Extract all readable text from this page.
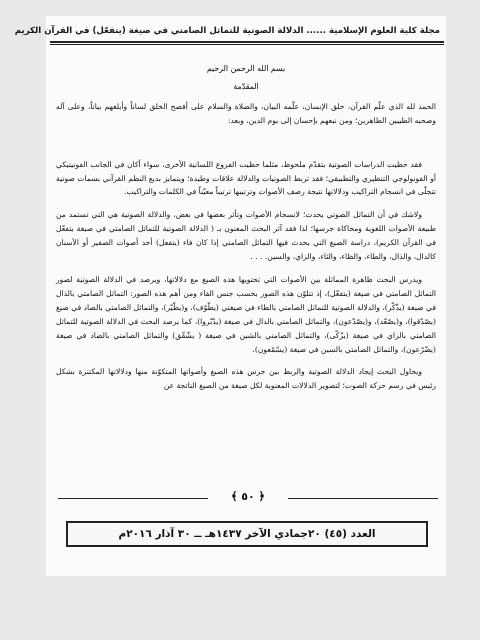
مجلة كلية العلوم الإسلامية ...... الدلالة الصوتية للتماثل الصامتي في صيغة (يتفعّل) في القرآن الكريم

بسم الله الرحمن الرحيم

المقدّمة

الحمد لله الذي علّم القرآن، خلق الإنسان، علّمه البيان، والصلاة والسلام على أفصح الخلق لساناً وأبلغهم بياناً، وعلى آله وصحبه الطيبين الطاهرين؛ ومن تبعهم بإحسان إلى يوم الدين، وبعد:

فقد حظيت الدراسات الصوتية بتقدّم ملحوظ، مثلما حظيت الفروع اللسانية الأخرى، سواء أكان في الجانب الفونيتيكي أو الفونولوجي التنظيري والتطبيقي؛ فقد تربط الصوتيات والدلالة علاقات وطيدة؛ ويتمايز بديع النظم القرآني بسمات صوتية تتجلّى في انسجام التراكيب ودلالاتها نتيجة رصف الأصوات وترتيبها ترتيباً معيّناً في الكلمات والتراكيب.

ولاشك في أن التماثل الصوتي يحدث؛ لانسجام الأصوات وتأثر بعضها في بعض، والدلالة الصوتية هي التي تستمد من طبيعة الأصوات اللغوية ومحاكاة جرسها؛ لذا فقد آثر البحث المعنون بـ ( الدلالة الصوتية للتماثل الصامتي في صيغة يتفعّل في القرآن الكريم)، دراسة الصيغ التي يحدث فيها التماثل الصامتي إذا كان فاء (يتفعل) أحد أصوات الصفير أو الأسنان كالدال، والذال، والطاء، والظاء، والثاء، والزاي، والسين. . . .

ويدرس البحث ظاهرة المماثلة بين الأصوات التي تحتويها هذه الصيغ مع دلالاتها، ويرصد في الدلالة الصوتية لصور التماثل الصامتي في صيغة (يتفعّل)، إذ تتلوّن هذه الصور بحسب جنس الفاء ومن أهم هذه الصور: التماثل الصامتي بالذال في صيغة (يذّكّر)، والدلالة الصوتية للتماثل الصامتي بالطاء في صيغتي (يطّوّف)، و(يطّيّر)، والتماثل الصامتي بالصاد في صيغ (يصّدّقوا)، و(يصّعّد)، و(يصّدّعون)، والتماثل الصامتي بالدال في صيغة (يدّبّروا)، كما يرصد البحث في الدلالة الصوتية للتماثل الصامتي بالزاي في صيغة (يزّكّى)، والتماثل الصامتي بالشين في صيغة ( يشّقّق) والتماثل الصامتي بالضاد في صيغة (يضّرّعون)، والتماثل الصامتي بالسين في صيغة (يسّمّعون).

ويحاول البحث إيجاد الدلالة الصوتية والربط بين جرس هذه الصيغ وأصواتها المتكوّنة منها ودلالاتها المكتنزة بشكل رئيس في رسم حركة الصوت؛ لتصوير الدلالات المعنوية لكل صيغة من الصيغ الناتجة عن

﴿ ٥٠ ﴾
العدد (٤٥) ٢٠جمادي الآخر ١٤٣٧هـ ــ ٣٠ آذار ٢٠١٦م
